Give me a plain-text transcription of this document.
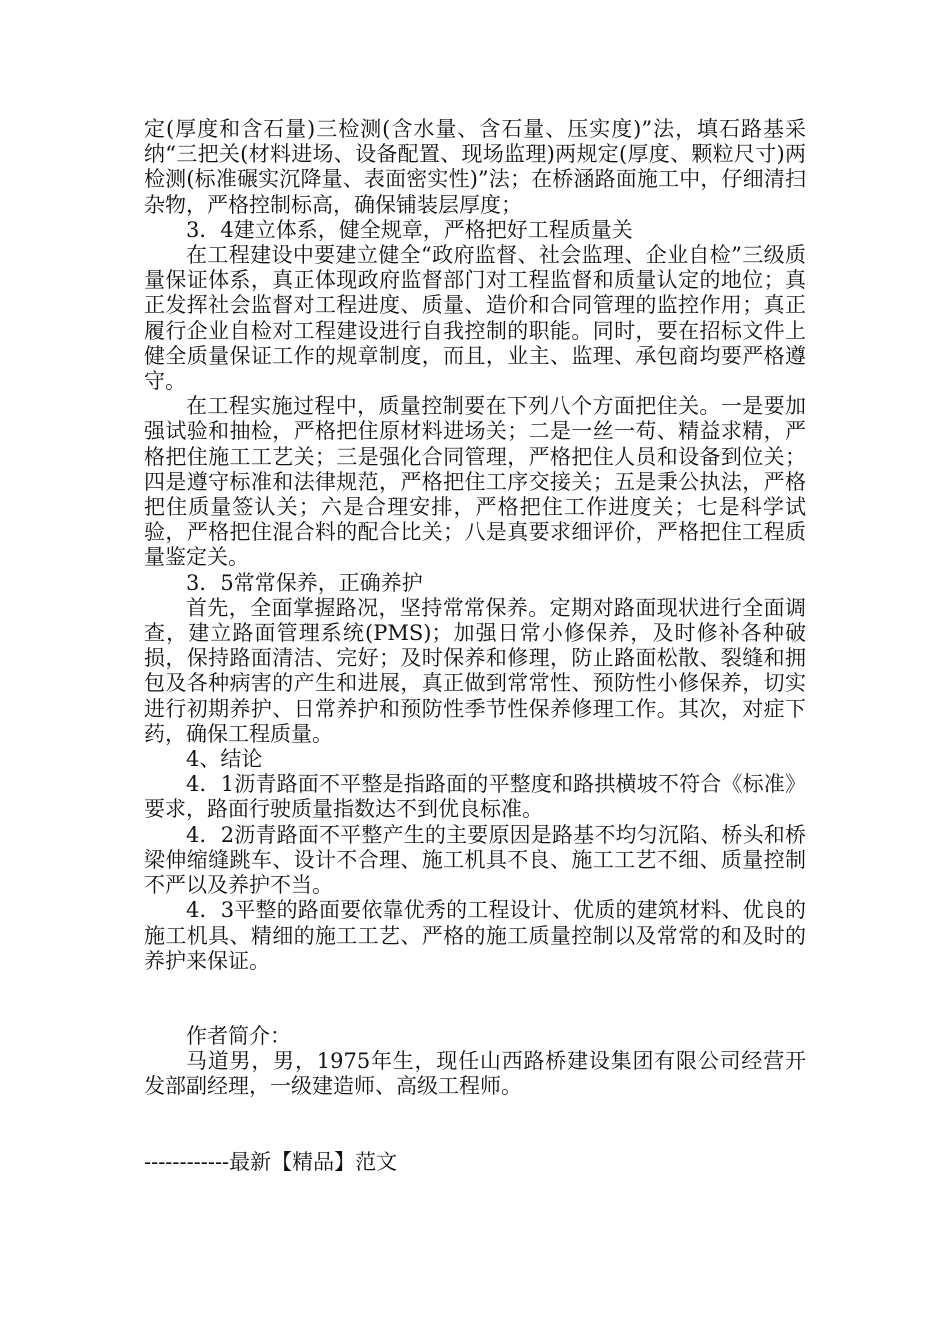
定(厚度和含石量)三检测(含水量、含石量、压实度)”法，填石路基采纳“三把关(材料进场、设备配置、现场监理)两规定(厚度、颗粒尺寸)两检测(标准碾实沉降量、表面密实性)”法；在桥涵路面施工中，仔细清扫杂物，严格控制标高，确保铺装层厚度；

3．4建立体系，健全规章，严格把好工程质量关

在工程建设中要建立健全“政府监督、社会监理、企业自检”三级质量保证体系，真正体现政府监督部门对工程监督和质量认定的地位；真正发挥社会监督对工程进度、质量、造价和合同管理的监控作用；真正履行企业自检对工程建设进行自我控制的职能。同时，要在招标文件上健全质量保证工作的规章制度，而且，业主、监理、承包商均要严格遵守。

在工程实施过程中，质量控制要在下列八个方面把住关。一是要加强试验和抽检，严格把住原材料进场关；二是一丝一苟、精益求精，严格把住施工工艺关；三是强化合同管理，严格把住人员和设备到位关；四是遵守标准和法律规范，严格把住工序交接关；五是秉公执法，严格把住质量签认关；六是合理安排，严格把住工作进度关；七是科学试验，严格把住混合料的配合比关；八是真要求细评价，严格把住工程质量鉴定关。

3．5常常保养，正确养护

首先，全面掌握路况，坚持常常保养。定期对路面现状进行全面调查，建立路面管理系统(PMS)；加强日常小修保养，及时修补各种破损，保持路面清洁、完好；及时保养和修理，防止路面松散、裂缝和拥包及各种病害的产生和进展，真正做到常常性、预防性小修保养，切实进行初期养护、日常养护和预防性季节性保养修理工作。其次，对症下药，确保工程质量。

4、结论

4．1沥青路面不平整是指路面的平整度和路拱横坡不符合《标准》要求，路面行驶质量指数达不到优良标准。

4．2沥青路面不平整产生的主要原因是路基不均匀沉陷、桥头和桥梁伸缩缝跳车、设计不合理、施工机具不良、施工工艺不细、质量控制不严以及养护不当。

4．3平整的路面要依靠优秀的工程设计、优质的建筑材料、优良的施工机具、精细的施工工艺、严格的施工质量控制以及常常的和及时的养护来保证。

作者简介：

马道男，男，1975年生，现任山西路桥建设集团有限公司经营开发部副经理，一级建造师、高级工程师。

------------最新【精品】范文
